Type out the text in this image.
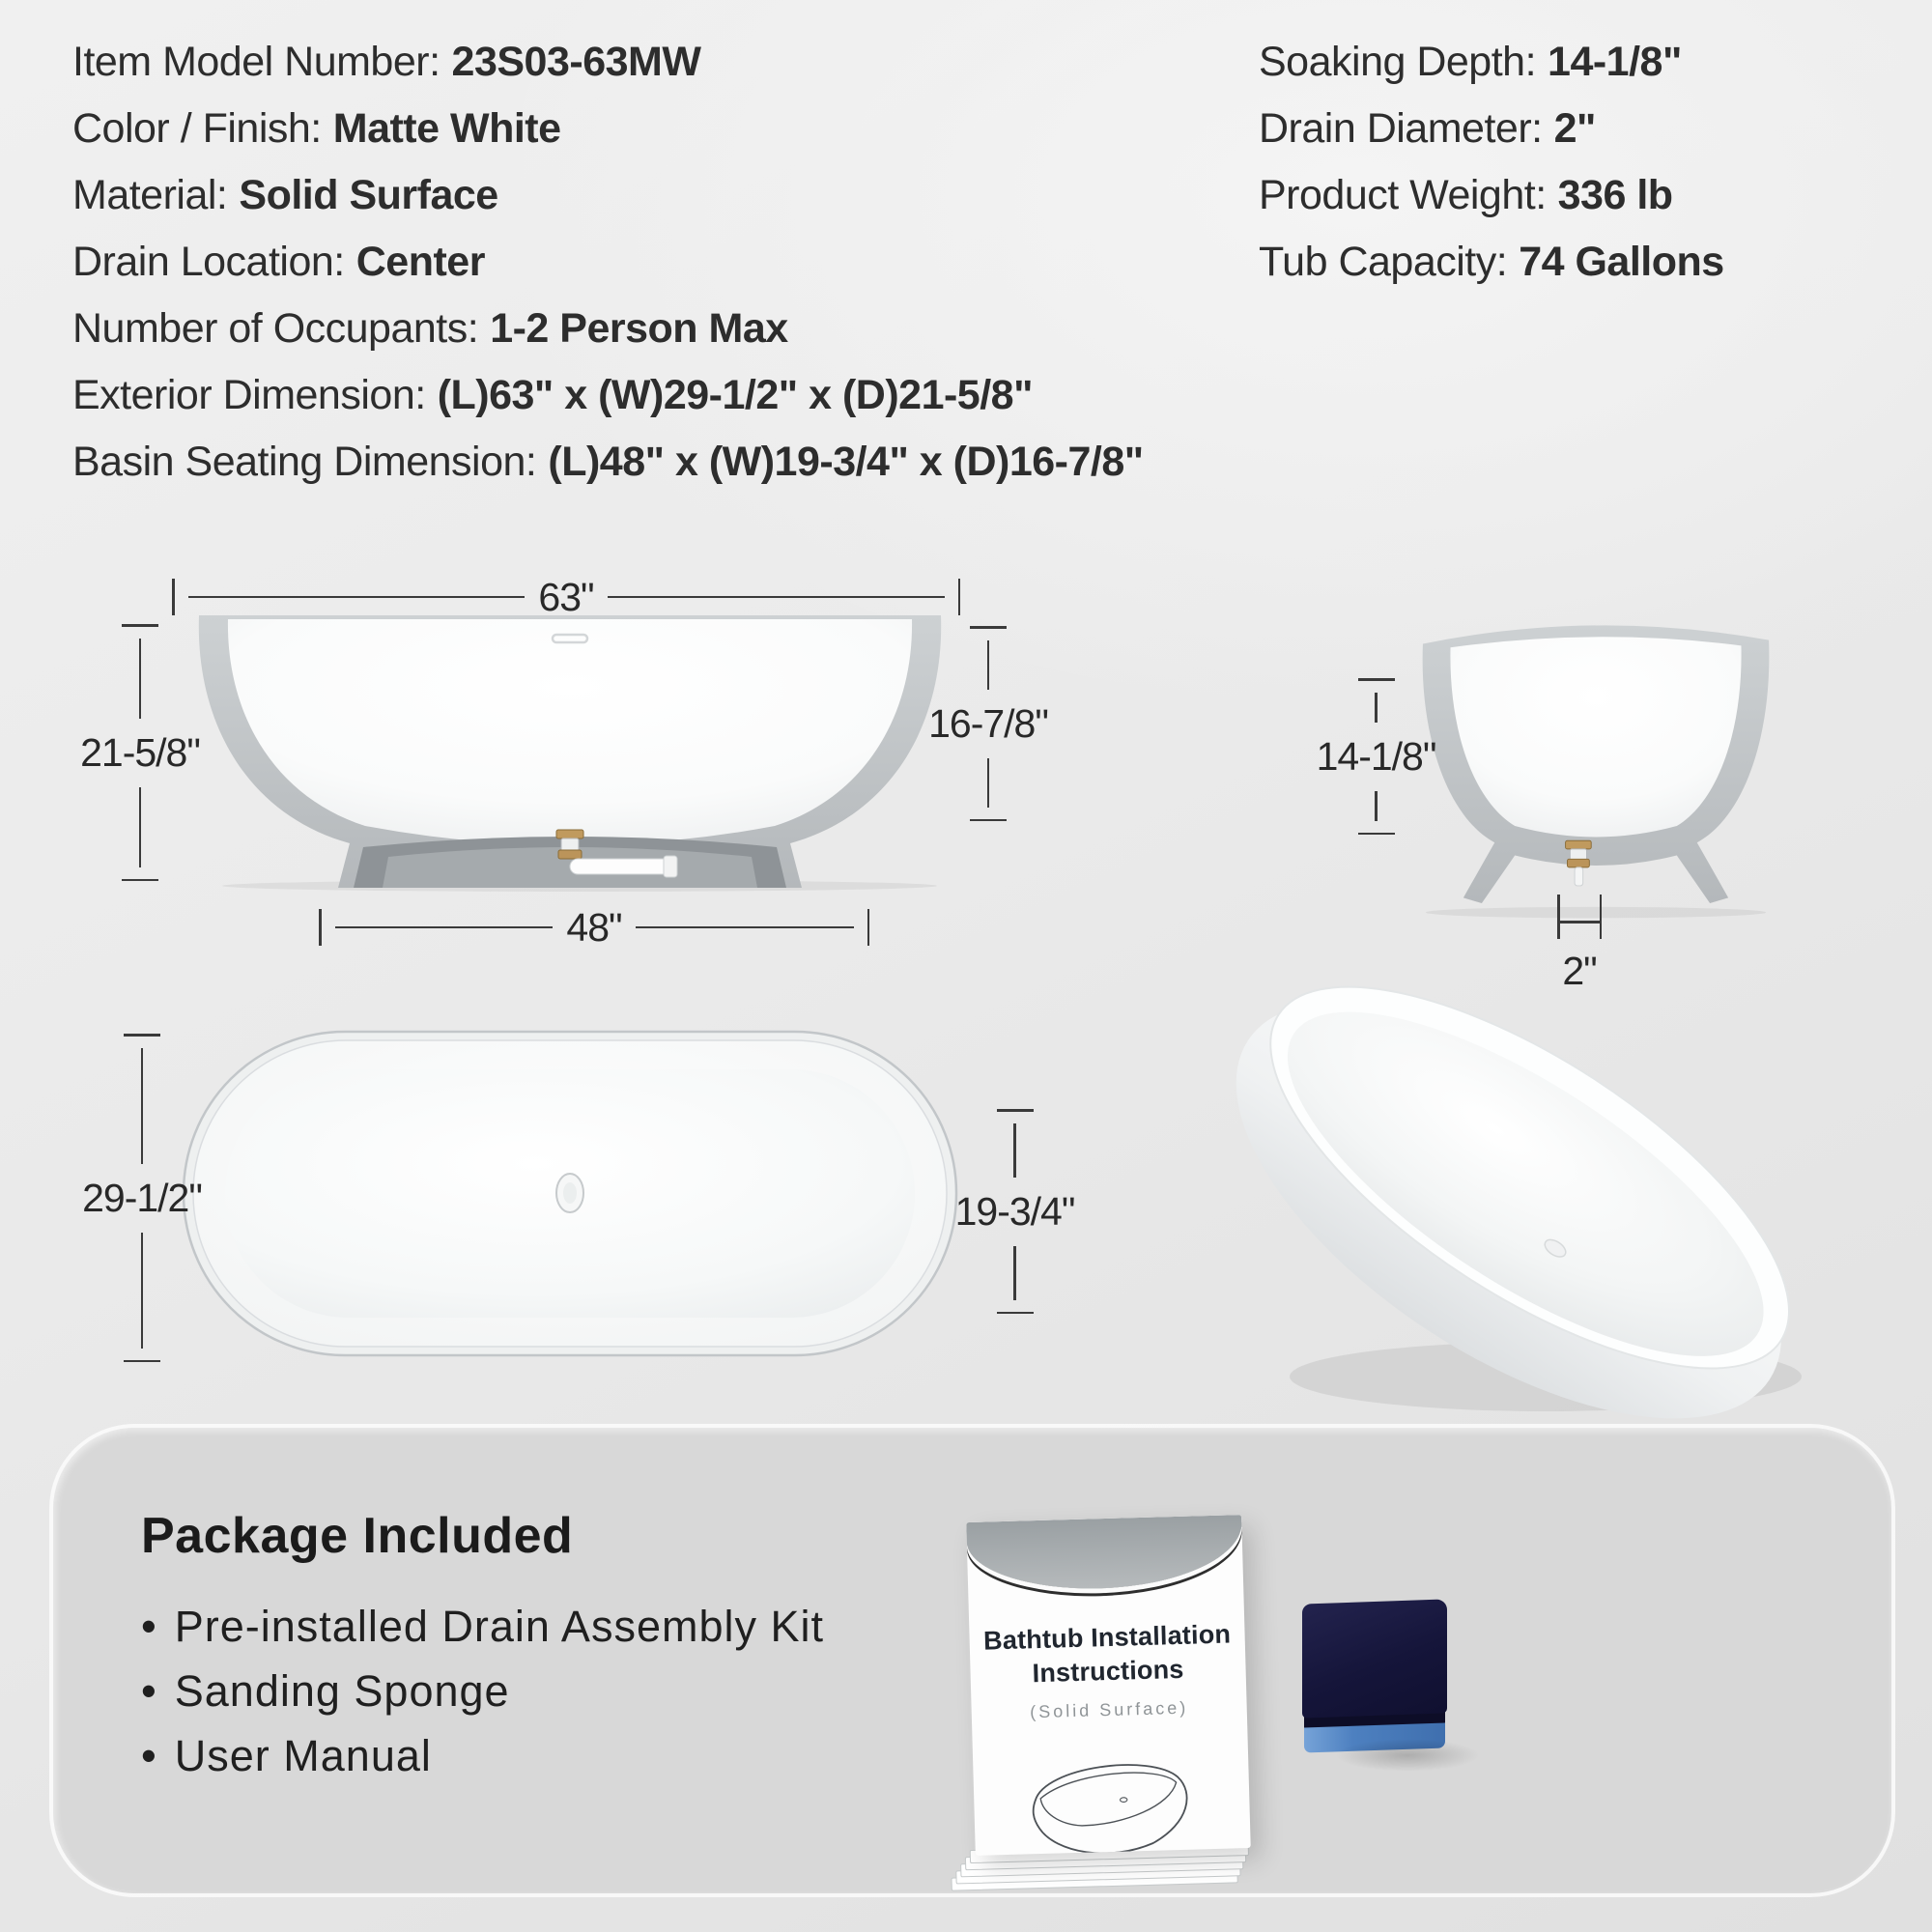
Item Model Number: 23S03-63MW
Color / Finish: Matte White
Material: Solid Surface
Drain Location: Center
Number of Occupants: 1-2 Person Max
Exterior Dimension: (L)63" x (W)29-1/2" x (D)21-5/8"
Basin Seating Dimension: (L)48" x (W)19-3/4" x (D)16-7/8"
Soaking Depth: 14-1/8"
Drain Diameter: 2"
Product Weight: 336 lb
Tub Capacity: 74 Gallons
63"
21-5/8"
16-7/8"
48"
14-1/8"
2"
29-1/2"	19-3/4"
Package Included
• Pre-installed Drain Assembly Kit
• Sanding Sponge
• User Manual
Bathtub Installation
Instructions
(Solid Surface)
